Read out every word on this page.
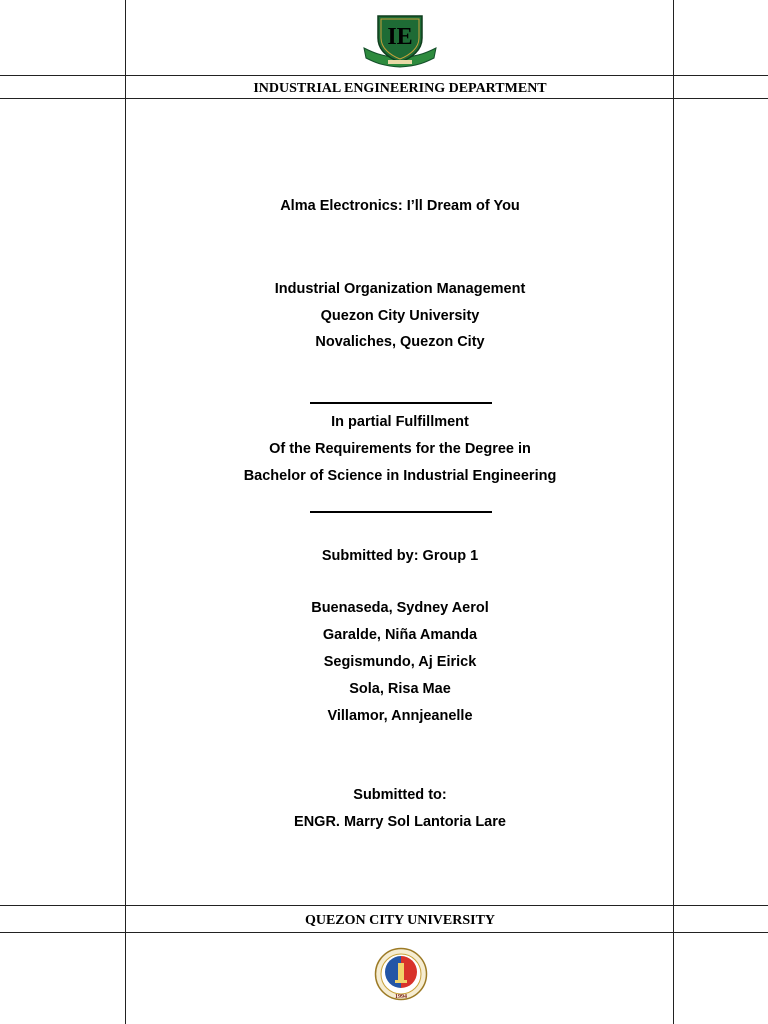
IE
INDUSTRIAL ENGINEERING DEPARTMENT
Alma Electronics: I’ll Dream of You
Industrial Organization Management
Quezon City University
Novaliches, Quezon City
In partial Fulfillment
Of the Requirements for the Degree in
Bachelor of Science in Industrial Engineering
Submitted by: Group 1
Buenaseda, Sydney Aerol
Garalde, Niña Amanda
Segismundo, Aj Eirick
Sola, Risa Mae
Villamor, Annjeanelle
Submitted to:
ENGR. Marry Sol Lantoria Lare
QUEZON CITY UNIVERSITY
1994
